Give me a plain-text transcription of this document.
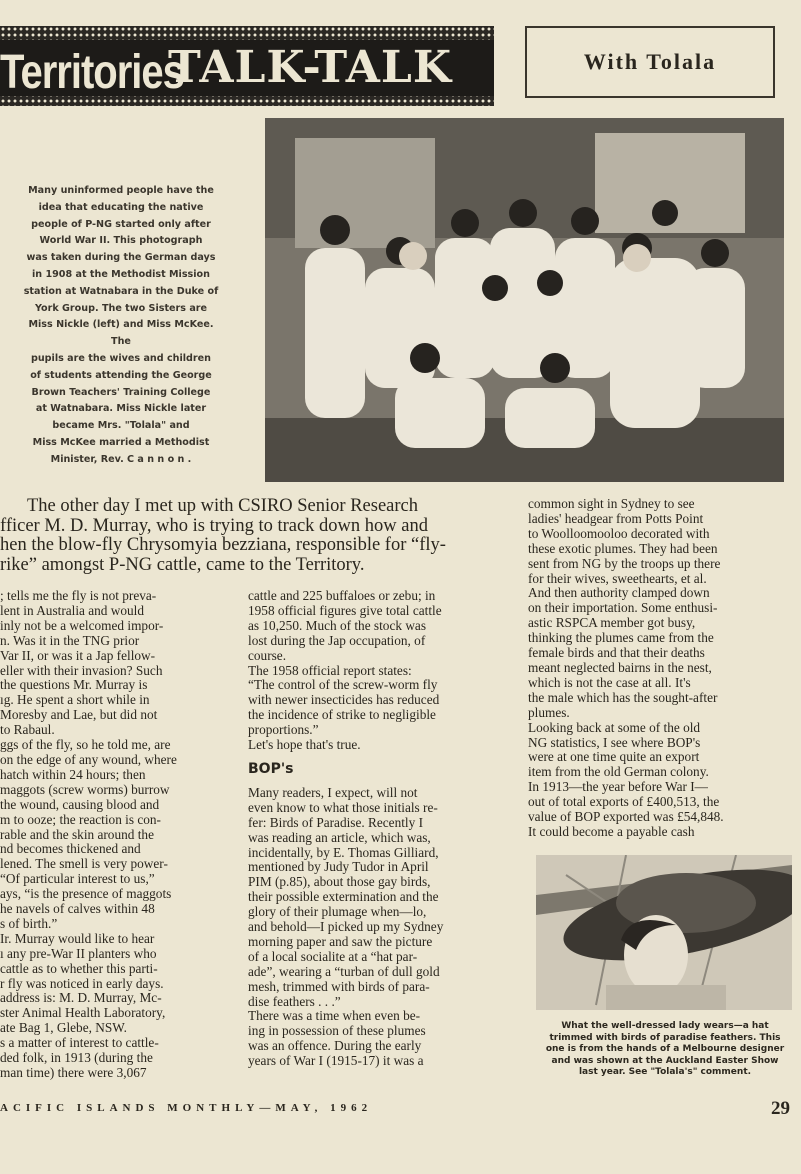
Territories
TALK-TALK	With Tolala
Many uninformed people have the
idea that educating the native
people of P-NG started only after
World War II. This photograph
was taken during the German days
in 1908 at the Methodist Mission
station at Watnabara in the Duke of
York Group. The two Sisters are
Miss Nickle (left) and Miss McKee. The
pupils are the wives and children
of students attending the George
Brown Teachers' Training College
at Watnabara. Miss Nickle later
became Mrs. "Tolala" and
Miss McKee married a Methodist
Minister, Rev. C a n n o n .
The other day I met up with CSIRO Senior Research
fficer M. D. Murray, who is trying to track down how and
hen the blow-fly Chrysomyia bezziana, responsible for “fly-
rike” amongst P-NG cattle, came to the Territory.
; tells me the fly is not preva-
lent in Australia and would
inly not be a welcomed impor-
n. Was it in the TNG prior
Var II, or was it a Jap fellow-
eller with their invasion? Such
the questions Mr. Murray is
ıg. He spent a short while in
Moresby and Lae, but did not
to Rabaul.
ggs of the fly, so he told me, are
on the edge of any wound, where
hatch within 24 hours; then
maggots (screw worms) burrow
the wound, causing blood and
m to ooze; the reaction is con-
rable and the skin around the
nd becomes thickened and
lened. The smell is very power-
“Of particular interest to us,”
ays, “is the presence of maggots
he navels of calves within 48
s of birth.”
Ir. Murray would like to hear
ı any pre-War II planters who
cattle as to whether this parti-
r fly was noticed in early days.
address is: M. D. Murray, Mc-
ster Animal Health Laboratory,
ate Bag 1, Glebe, NSW.
s a matter of interest to cattle-
ded folk, in 1913 (during the
man time) there were 3,067
cattle and 225 buffaloes or zebu; in
1958 official figures give total cattle
as 10,250. Much of the stock was
lost during the Jap occupation, of
course.
The 1958 official report states:
“The control of the screw-worm fly
with newer insecticides has reduced
the incidence of strike to negligible
proportions.”
Let's hope that's true.
BOP's
Many readers, I expect, will not
even know to what those initials re-
fer: Birds of Paradise. Recently I
was reading an article, which was,
incidentally, by E. Thomas Gilliard,
mentioned by Judy Tudor in April
PIM (p.85), about those gay birds,
their possible extermination and the
glory of their plumage when—lo,
and behold—I picked up my Sydney
morning paper and saw the picture
of a local socialite at a “hat par-
ade”, wearing a “turban of dull gold
mesh, trimmed with birds of para-
dise feathers . . .”
There was a time when even be-
ing in possession of these plumes
was an offence. During the early
years of War I (1915-17) it was a
common sight in Sydney to see
ladies' headgear from Potts Point
to Woolloomooloo decorated with
these exotic plumes. They had been
sent from NG by the troops up there
for their wives, sweethearts, et al.
And then authority clamped down
on their importation. Some enthusi-
astic RSPCA member got busy,
thinking the plumes came from the
female birds and that their deaths
meant neglected bairns in the nest,
which is not the case at all. It's
the male which has the sought-after
plumes.
Looking back at some of the old
NG statistics, I see where BOP's
were at one time quite an export
item from the old German colony.
In 1913—the year before War I—
out of total exports of £400,513, the
value of BOP exported was £54,848.
It could become a payable cash
What the well-dressed lady wears—a hat
trimmed with birds of paradise feathers. This
one is from the hands of a Melbourne designer
and was shown at the Auckland Easter Show
last year. See "Tolala's" comment.
ACIFIC ISLANDS MONTHLY—MAY, 1962	29
